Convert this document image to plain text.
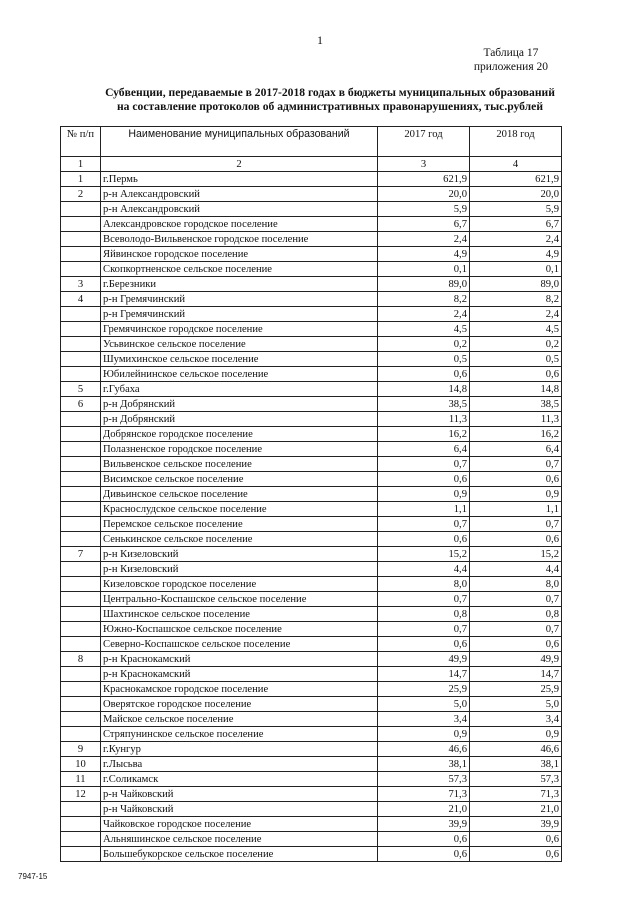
1
Таблица 17
приложения 20
Субвенции, передаваемые в 2017-2018 годах в бюджеты муниципальных образований
на составление протоколов об административных правонарушениях, тыс.рублей
№ п/п	Наименование муниципальных образований	2017 год	2018 год
1	2	3	4
1	г.Пермь	621,9	621,9
2	р-н Александровский	20,0	20,0
	р-н Александровский	5,9	5,9
	Александровское городское поселение	6,7	6,7
	Всеволодо-Вильвенское городское поселение	2,4	2,4
	Яйвинское городское поселение	4,9	4,9
	Скопкортненское сельское поселение	0,1	0,1
3	г.Березники	89,0	89,0
4	р-н Гремячинский	8,2	8,2
	р-н Гремячинский	2,4	2,4
	Гремячинское городское поселение	4,5	4,5
	Усьвинское сельское поселение	0,2	0,2
	Шумихинское сельское поселение	0,5	0,5
	Юбилейнинское сельское поселение	0,6	0,6
5	г.Губаха	14,8	14,8
6	р-н Добрянский	38,5	38,5
	р-н Добрянский	11,3	11,3
	Добрянское городское поселение	16,2	16,2
	Полазненское городское поселение	6,4	6,4
	Вильвенское сельское поселение	0,7	0,7
	Висимское сельское поселение	0,6	0,6
	Дивьинское сельское поселение	0,9	0,9
	Краснослудское сельское поселение	1,1	1,1
	Перемское сельское поселение	0,7	0,7
	Сенькинское сельское поселение	0,6	0,6
7	р-н Кизеловский	15,2	15,2
	р-н Кизеловский	4,4	4,4
	Кизеловское городское поселение	8,0	8,0
	Центрально-Коспашское сельское поселение	0,7	0,7
	Шахтинское сельское поселение	0,8	0,8
	Южно-Коспашское сельское поселение	0,7	0,7
	Северно-Коспашское сельское поселение	0,6	0,6
8	р-н Краснокамский	49,9	49,9
	р-н Краснокамский	14,7	14,7
	Краснокамское городское поселение	25,9	25,9
	Оверятское городское поселение	5,0	5,0
	Майское сельское поселение	3,4	3,4
	Стряпунинское сельское поселение	0,9	0,9
9	г.Кунгур	46,6	46,6
10	г.Лысьва	38,1	38,1
11	г.Соликамск	57,3	57,3
12	р-н Чайковский	71,3	71,3
	р-н Чайковский	21,0	21,0
	Чайковское городское поселение	39,9	39,9
	Альняшинское сельское поселение	0,6	0,6
	Большебукорское сельское поселение	0,6	0,6
7947-15
